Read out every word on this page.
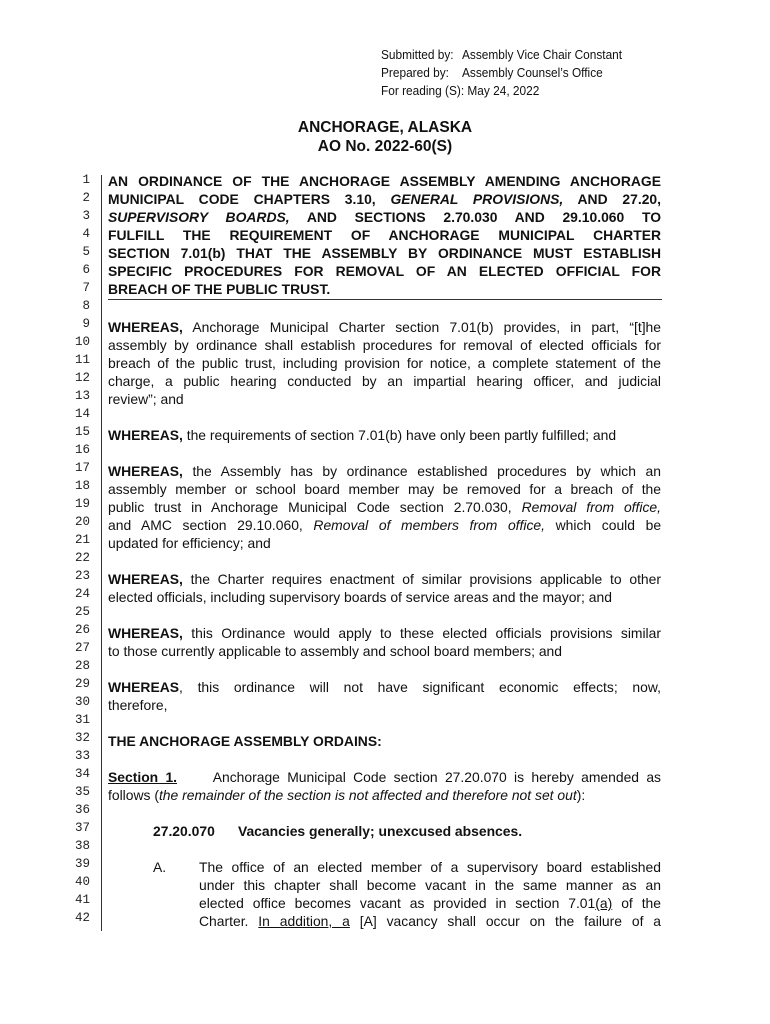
Submitted by: Assembly Vice Chair Constant
Prepared by: Assembly Counsel’s Office
For reading (S): May 24, 2022
ANCHORAGE, ALASKA
AO No. 2022-60(S)
1
2
3
4
5
6
7
8
9
10
11
12
13
14
15
16
17
18
19
20
21
22
23
24
25
26
27
28
29
30
31
32
33
34
35
36
37
38
39
40
41
42
AN ORDINANCE OF THE ANCHORAGE ASSEMBLY AMENDING ANCHORAGE
MUNICIPAL CODE CHAPTERS 3.10, GENERAL PROVISIONS, AND 27.20,
SUPERVISORY BOARDS, AND SECTIONS 2.70.030 AND 29.10.060 TO
FULFILL THE REQUIREMENT OF ANCHORAGE MUNICIPAL CHARTER
SECTION 7.01(b) THAT THE ASSEMBLY BY ORDINANCE MUST ESTABLISH
SPECIFIC PROCEDURES FOR REMOVAL OF AN ELECTED OFFICIAL FOR
BREACH OF THE PUBLIC TRUST.
WHEREAS, Anchorage Municipal Charter section 7.01(b) provides, in part, “[t]he
assembly by ordinance shall establish procedures for removal of elected officials for
breach of the public trust, including provision for notice, a complete statement of the
charge, a public hearing conducted by an impartial hearing officer, and judicial
review”; and
WHEREAS, the requirements of section 7.01(b) have only been partly fulfilled; and
WHEREAS, the Assembly has by ordinance established procedures by which an
assembly member or school board member may be removed for a breach of the
public trust in Anchorage Municipal Code section 2.70.030, Removal from office,
and AMC section 29.10.060, Removal of members from office, which could be
updated for efficiency; and
WHEREAS, the Charter requires enactment of similar provisions applicable to other
elected officials, including supervisory boards of service areas and the mayor; and
WHEREAS, this Ordinance would apply to these elected officials provisions similar
to those currently applicable to assembly and school board members; and
WHEREAS, this ordinance will not have significant economic effects; now,
therefore,
THE ANCHORAGE ASSEMBLY ORDAINS:
Section 1.	Anchorage Municipal Code section 27.20.070 is hereby amended as
follows (the remainder of the section is not affected and therefore not set out):
27.20.070 Vacancies generally; unexcused absences.
A. The office of an elected member of a supervisory board established
under this chapter shall become vacant in the same manner as an
elected office becomes vacant as provided in section 7.01(a) of the
Charter. In addition, a [A] vacancy shall occur on the failure of a
